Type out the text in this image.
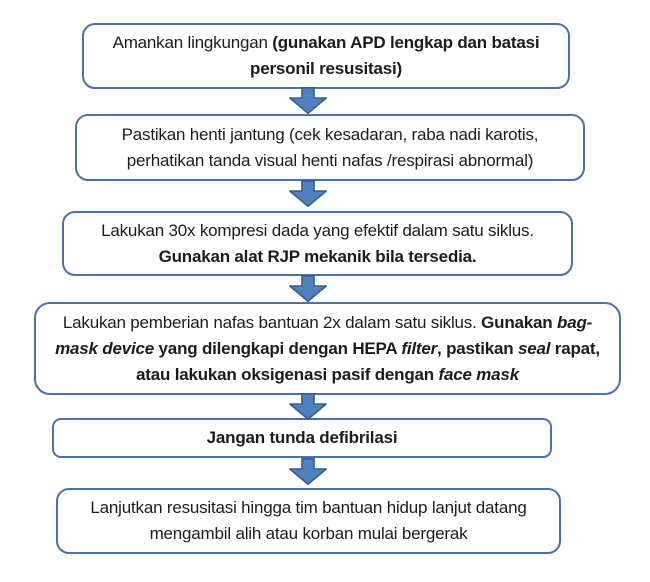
Amankan lingkungan (gunakan APD lengkap dan batasi personil resusitasi)

Pastikan henti jantung (cek kesadaran, raba nadi karotis, perhatikan tanda visual henti nafas /respirasi abnormal)

Lakukan 30x kompresi dada yang efektif dalam satu siklus. Gunakan alat RJP mekanik bila tersedia.

Lakukan pemberian nafas bantuan 2x dalam satu siklus. Gunakan bag-mask device yang dilengkapi dengan HEPA filter, pastikan seal rapat, atau lakukan oksigenasi pasif dengan face mask

Jangan tunda defibrilasi

Lanjutkan resusitasi hingga tim bantuan hidup lanjut datang mengambil alih atau korban mulai bergerak
